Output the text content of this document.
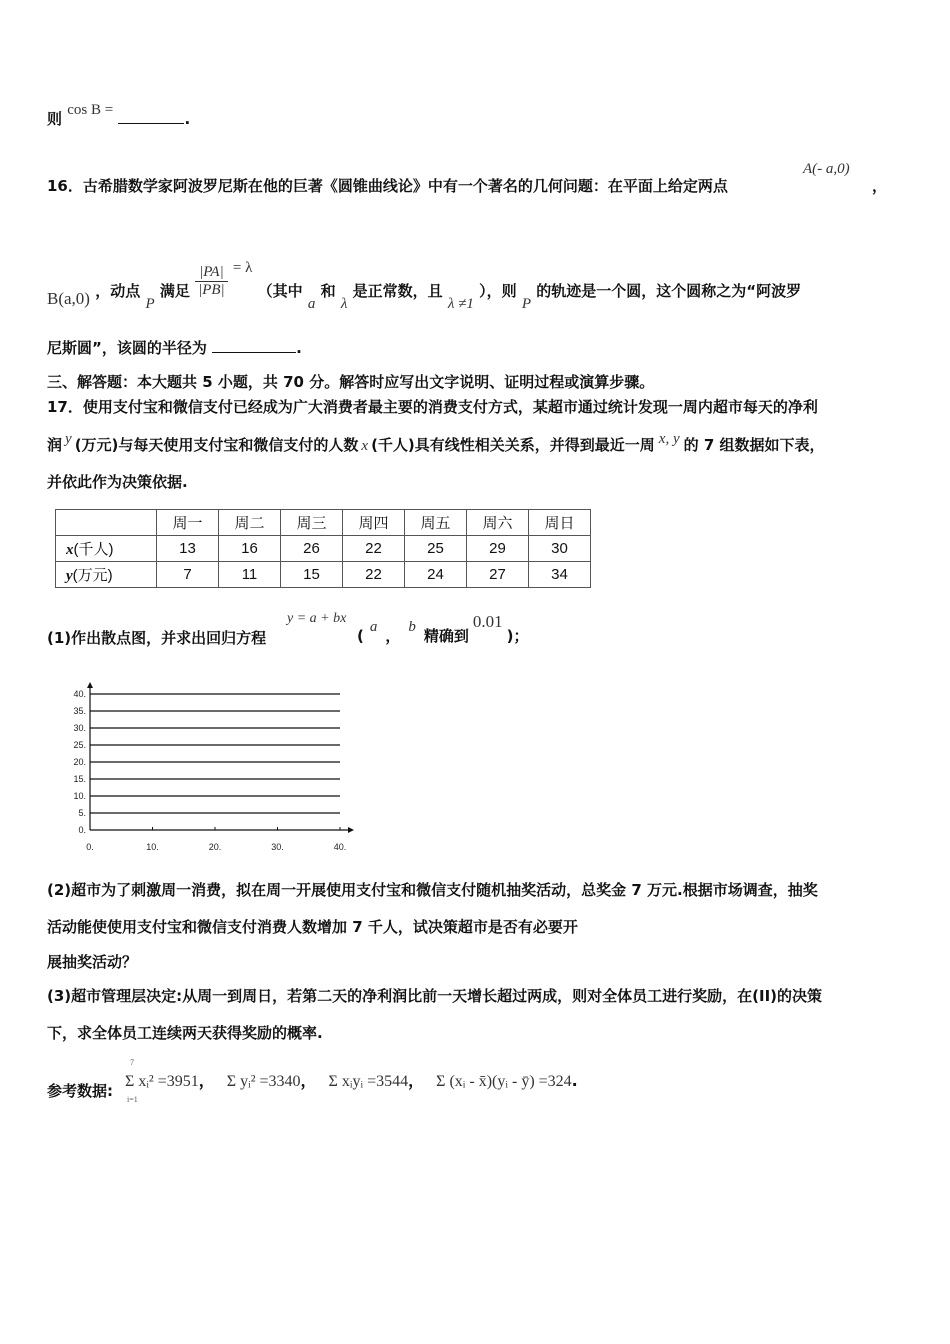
则 cos B =	.
16．古希腊数学家阿波罗尼斯在他的巨著《圆锥曲线论》中有一个著名的几何问题：在平面上给定两点
A(- a,0)
，
B(a,0) ，动点 P 满足 $\frac{|PA|}{|PB|} = \lambda$ （其中 a 和 λ 是正常数，且 λ ≠1 ），则 P 的轨迹是一个圆，这个圆称之为“阿波罗
尼斯圆”，该圆的半径为	.
三、解答题：本大题共 5 小题，共 70 分。解答时应写出文字说明、证明过程或演算步骤。
17．使用支付宝和微信支付已经成为广大消费者最主要的消费支付方式，某超市通过统计发现一周内超市每天的净利
润 y (万元)与每天使用支付宝和微信支付的人数 x (千人)具有线性相关关系，并得到最近一周 x, y 的 7 组数据如下表，
并依此作为决策依据.
	周一	周二	周三	周四	周五	周六	周日
x(千人)	13	16	26	22	25	29	30
y(万元)	7	11	15	22	24	27	34
(1)作出散点图，并求出回归方程
y = a + bx
( a ， b 精确到0.01)；
40.
35.
30.
25.
20.
15.
10.
5.
0.
0.	10.	20.	30.	40.
(2)超市为了刺激周一消费，拟在周一开展使用支付宝和微信支付随机抽奖活动，总奖金 7 万元.根据市场调查，抽奖
活动能使使用支付宝和微信支付消费人数增加 7 千人，试决策超市是否有必要开
展抽奖活动？
(3)超市管理层决定:从周一到周日，若第二天的净利润比前一天增长超过两成，则对全体员工进行奖励，在(II)的决策
下，求全体员工连续两天获得奖励的概率.
参考数据:
Σ xᵢ² =3951， Σ yᵢ² =3340， Σ xᵢyᵢ =3544， Σ (xᵢ - x̄)(yᵢ - ȳ) =324.
7
i=1
